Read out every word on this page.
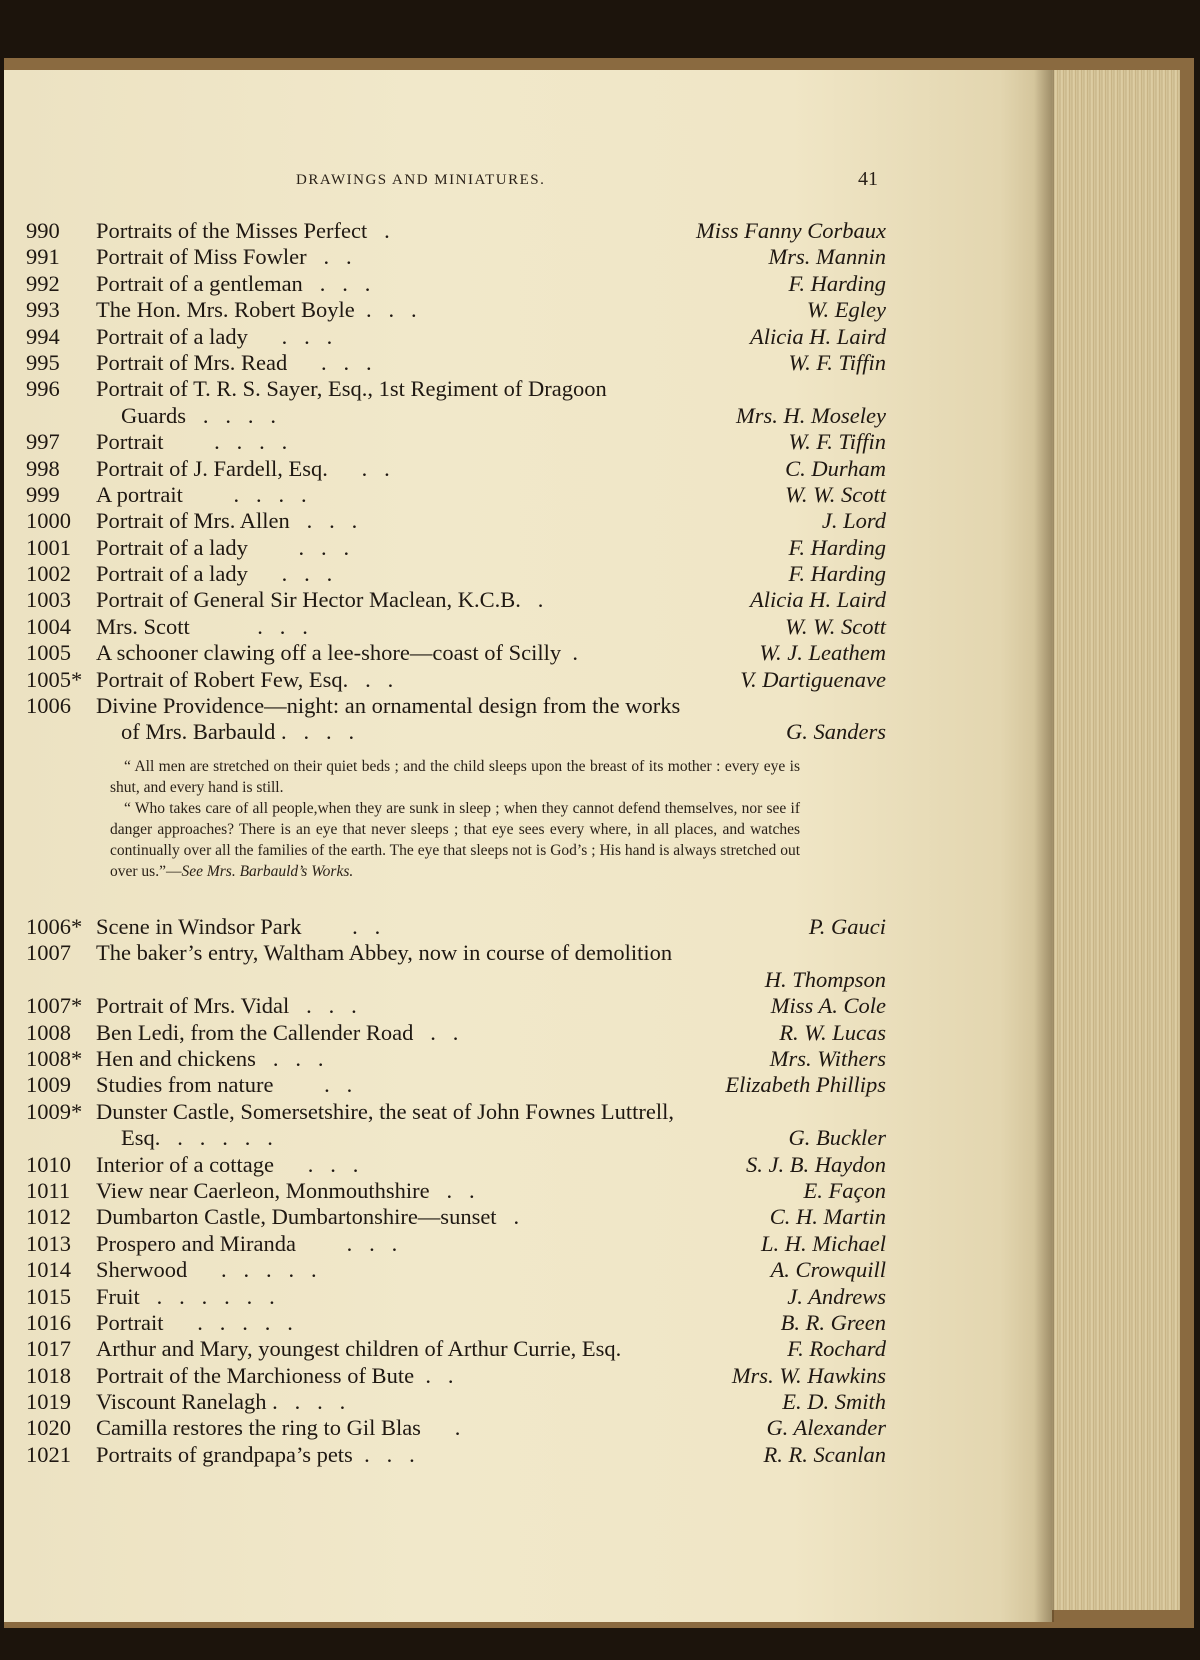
DRAWINGS AND MINIATURES.	41
990	Portraits of the Misses Perfect   .	Miss Fanny Corbaux
991	Portrait of Miss Fowler   .   .	Mrs. Mannin
992	Portrait of a gentleman   .   .   .	F. Harding
993	The Hon. Mrs. Robert Boyle  .   .   .	W. Egley
994	Portrait of a lady      .   .   .	Alicia H. Laird
995	Portrait of Mrs. Read      .   .   .	W. F. Tiffin
996	Portrait of T. R. S. Sayer, Esq., 1st Regiment of Dragoon
Guards   .   .   .   .	Mrs. H. Moseley
997	Portrait         .   .   .   .	W. F. Tiffin
998	Portrait of J. Fardell, Esq.      .   .	C. Durham
999	A portrait         .   .   .   .	W. W. Scott
1000	Portrait of Mrs. Allen   .   .   .	J. Lord
1001	Portrait of a lady         .   .   .	F. Harding
1002	Portrait of a lady      .   .   .	F. Harding
1003	Portrait of General Sir Hector Maclean, K.C.B.   .	Alicia H. Laird
1004	Mrs. Scott            .   .   .	W. W. Scott
1005	A schooner clawing off a lee-shore—coast of Scilly  .	W. J. Leathem
1005* Portrait of Robert Few, Esq.   .   .	V. Dartiguenave
1006	Divine Providence—night: an ornamental design from the works
of Mrs. Barbauld .   .   .   .	G. Sanders

“ All men are stretched on their quiet beds ; and the child sleeps upon the breast of its mother : every eye is shut, and every hand is still.

“ Who takes care of all people,when they are sunk in sleep ; when they cannot defend themselves, nor see if danger approaches? There is an eye that never sleeps ; that eye sees every where, in all places, and watches continually over all the families of the earth. The eye that sleeps not is God’s ; His hand is always stretched out over us.”—See Mrs. Barbauld’s Works.

1006* Scene in Windsor Park         .   .	P. Gauci
1007	The baker’s entry, Waltham Abbey, now in course of demolition
H. Thompson
1007* Portrait of Mrs. Vidal   .   .   .	Miss A. Cole
1008	Ben Ledi, from the Callender Road   .   .	R. W. Lucas
1008* Hen and chickens   .   .   .	Mrs. Withers
1009	Studies from nature         .   .	Elizabeth Phillips
1009* Dunster Castle, Somersetshire, the seat of John Fownes Luttrell,
Esq.   .   .   .   .   .	G. Buckler
1010	Interior of a cottage      .   .   .	S. J. B. Haydon
1011	View near Caerleon, Monmouthshire   .   .	E. Façon
1012	Dumbarton Castle, Dumbartonshire—sunset   .	C. H. Martin
1013	Prospero and Miranda         .   .   .	L. H. Michael
1014	Sherwood      .   .   .   .   .	A. Crowquill
1015	Fruit   .   .   .   .   .   .	J. Andrews
1016	Portrait      .   .   .   .   .	B. R. Green
1017	Arthur and Mary, youngest children of Arthur Currie, Esq.	F. Rochard
1018	Portrait of the Marchioness of Bute  .   .	Mrs. W. Hawkins
1019	Viscount Ranelagh .   .   .   .	E. D. Smith
1020	Camilla restores the ring to Gil Blas      .	G. Alexander
1021	Portraits of grandpapa’s pets  .   .   .	R. R. Scanlan
